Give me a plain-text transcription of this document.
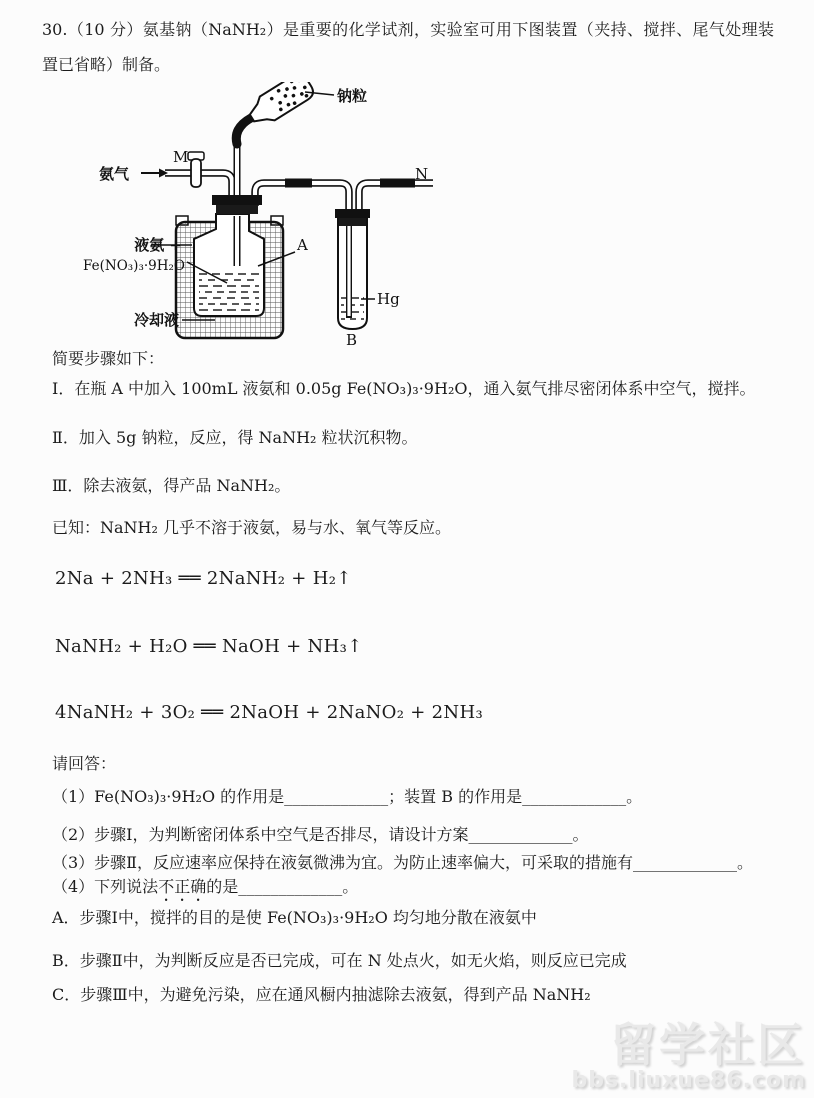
30.（10 分）氨基钠（NaNH₂）是重要的化学试剂，实验室可用下图装置（夹持、搅拌、尾气处理装置已省略）制备。

钠粒
氨气
M
N
液氨 +
Fe(NO₃)₃·9H₂O
A
冷却液
Hg
B

简要步骤如下：

Ⅰ．在瓶 A 中加入 100mL 液氨和 0.05g Fe(NO₃)₃·9H₂O，通入氨气排尽密闭体系中空气，搅拌。

Ⅱ．加入 5g 钠粒，反应，得 NaNH₂ 粒状沉积物。

Ⅲ．除去液氨，得产品 NaNH₂。

已知：NaNH₂ 几乎不溶于液氨，易与水、氧气等反应。

2Na + 2NH₃ ══ 2NaNH₂ + H₂↑

NaNH₂ + H₂O ══ NaOH + NH₃↑

4NaNH₂ + 3O₂ ══ 2NaOH + 2NaNO₂ + 2NH₃

请回答：

（1）Fe(NO₃)₃·9H₂O 的作用是_____________；装置 B 的作用是_____________。

（2）步骤Ⅰ，为判断密闭体系中空气是否排尽，请设计方案_____________。

（3）步骤Ⅱ，反应速率应保持在液氨微沸为宜。为防止速率偏大，可采取的措施有_____________。

（4）下列说法不正确的是_____________。

A．步骤Ⅰ中，搅拌的目的是使 Fe(NO₃)₃·9H₂O 均匀地分散在液氨中

B．步骤Ⅱ中，为判断反应是否已完成，可在 N 处点火，如无火焰，则反应已完成

C．步骤Ⅲ中，为避免污染，应在通风橱内抽滤除去液氨，得到产品 NaNH₂

留学社区
bbs.liuxue86.com
